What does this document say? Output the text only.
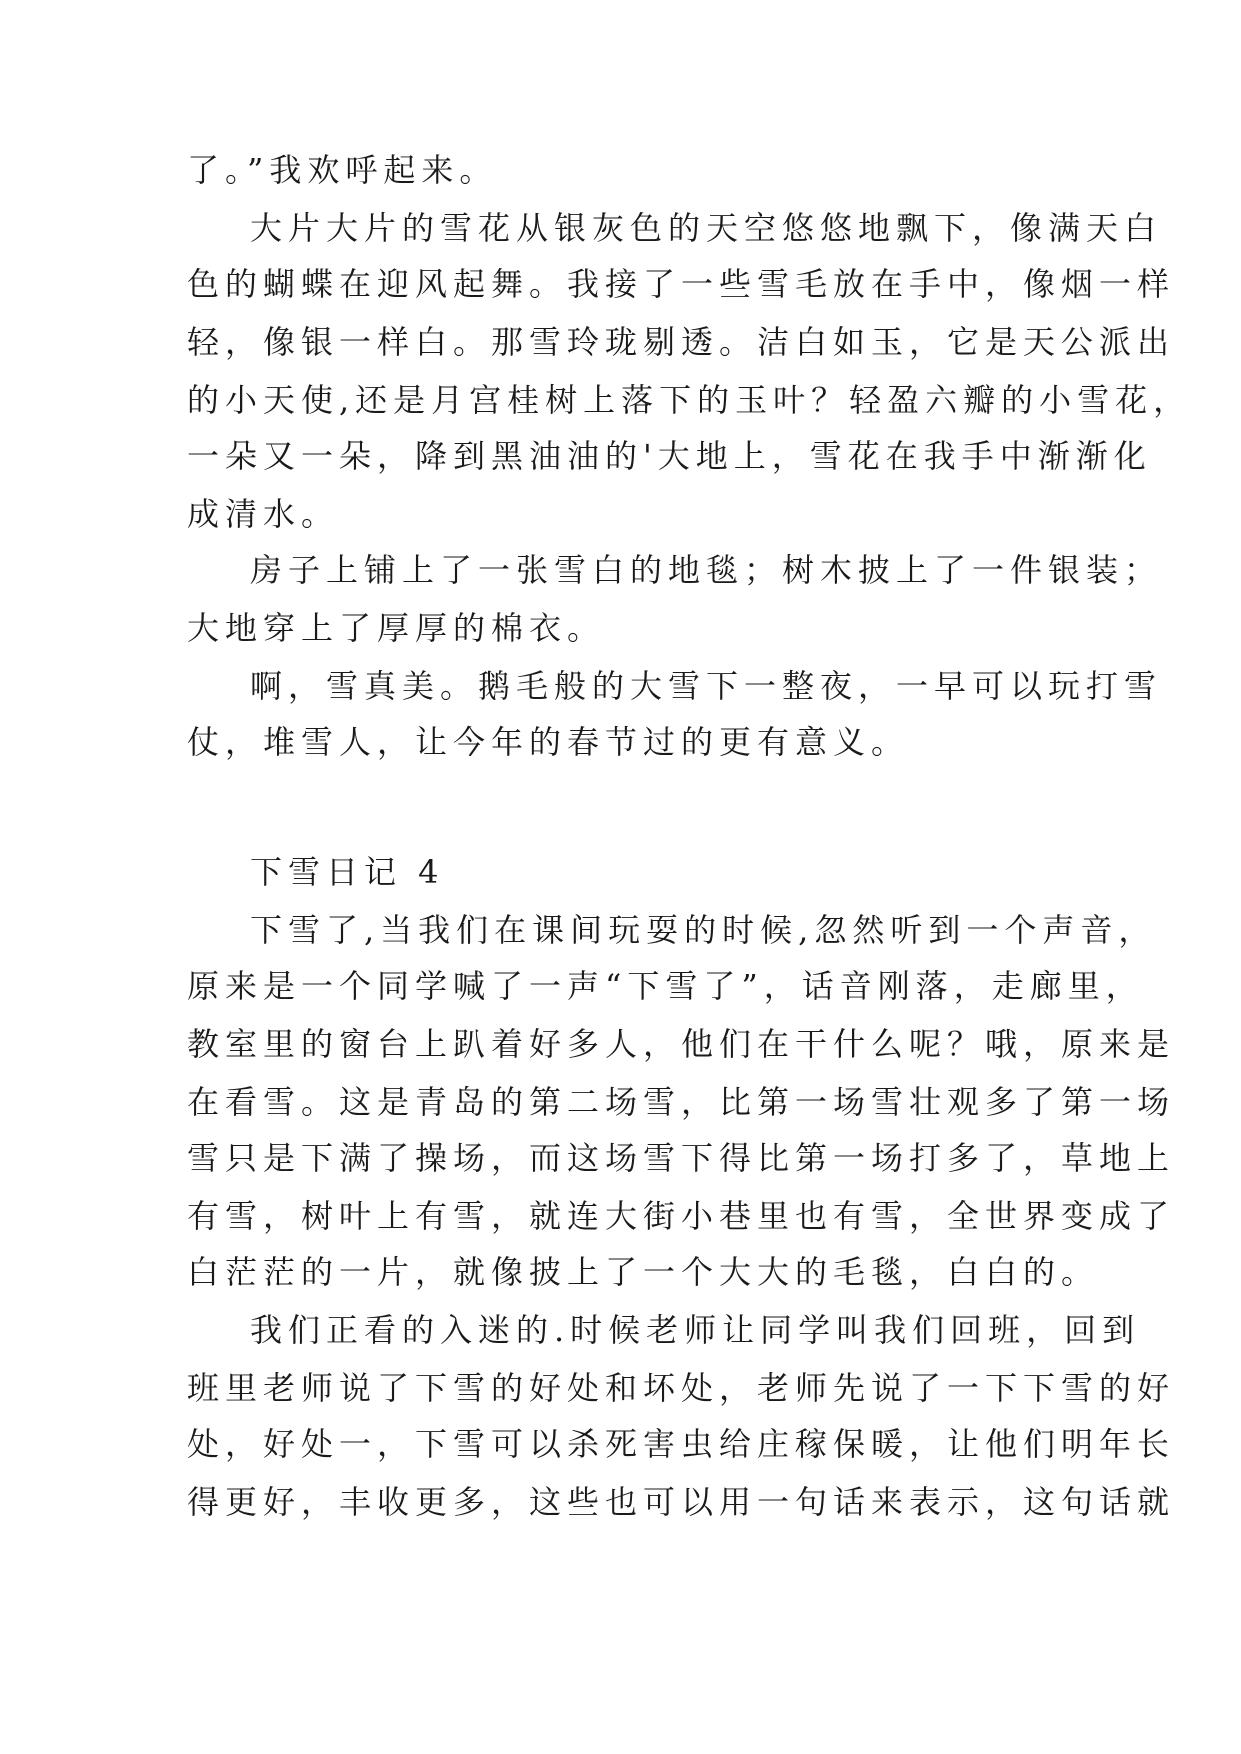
了。”我欢呼起来。
大片大片的雪花从银灰色的天空悠悠地飘下，像满天白
色的蝴蝶在迎风起舞。我接了一些雪毛放在手中，像烟一样
轻，像银一样白。那雪玲珑剔透。洁白如玉，它是天公派出
的小天使,还是月宫桂树上落下的玉叶？轻盈六瓣的小雪花，
一朵又一朵，降到黑油油的'大地上，雪花在我手中渐渐化
成清水。
房子上铺上了一张雪白的地毯；树木披上了一件银装；
大地穿上了厚厚的棉衣。
啊，雪真美。鹅毛般的大雪下一整夜，一早可以玩打雪
仗，堆雪人，让今年的春节过的更有意义。
下雪日记 4
下雪了,当我们在课间玩耍的时候,忽然听到一个声音，
原来是一个同学喊了一声“下雪了”，话音刚落，走廊里，
教室里的窗台上趴着好多人，他们在干什么呢？哦，原来是
在看雪。这是青岛的第二场雪，比第一场雪壮观多了第一场
雪只是下满了操场，而这场雪下得比第一场打多了，草地上
有雪，树叶上有雪，就连大街小巷里也有雪，全世界变成了
白茫茫的一片，就像披上了一个大大的毛毯，白白的。
我们正看的入迷的.时候老师让同学叫我们回班，回到
班里老师说了下雪的好处和坏处，老师先说了一下下雪的好
处，好处一，下雪可以杀死害虫给庄稼保暖，让他们明年长
得更好，丰收更多，这些也可以用一句话来表示，这句话就
